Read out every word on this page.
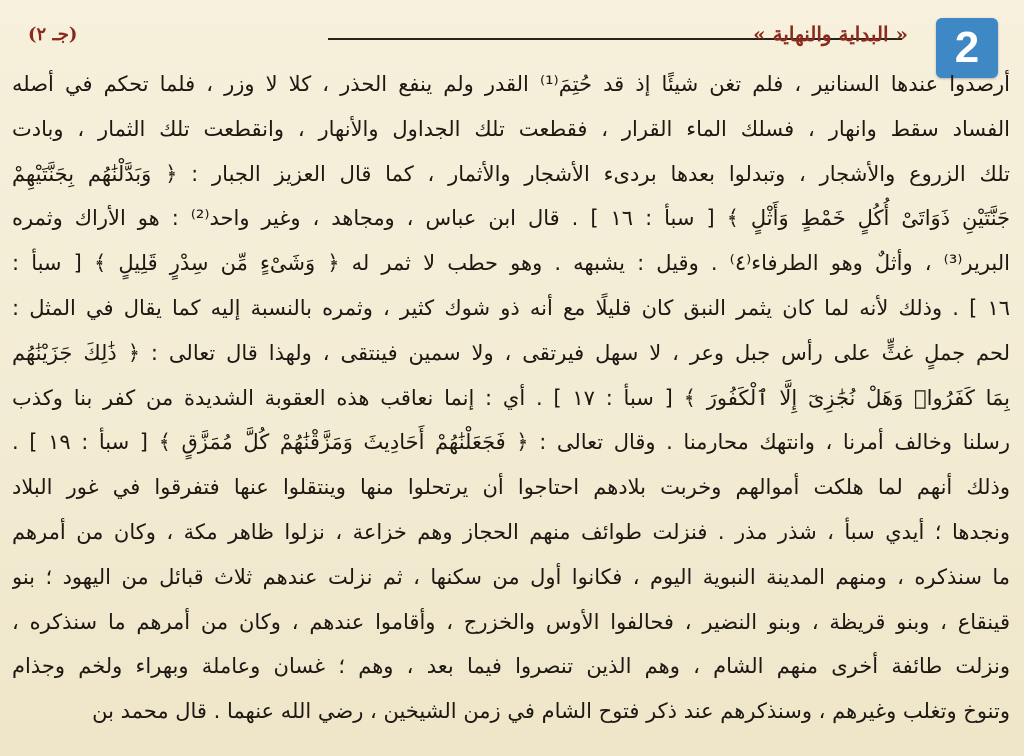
(جـ ٢)	« البداية والنهاية »	2
أرصدوا عندها السنانير ، فلم تغن شيئًا إذ قد حُتِمَ⁽¹⁾ القدر ولم ينفع الحذر ، كلا لا وزر ، فلما تحكم في أصله
الفساد سقط وانهار ، فسلك الماء القرار ، فقطعت تلك الجداول والأنهار ، وانقطعت تلك الثمار ، وبادت
تلك الزروع والأشجار ، وتبدلوا بعدها بردىء الأشجار والأثمار ، كما قال العزيز الجبار : ﴿ وَبَدَّلْنَٰهُم بِجَنَّتَيْهِمْ
جَنَّتَيْنِ ذَوَاتَىْ أُكُلٍ خَمْطٍ وَأَثْلٍ ﴾ [ سبأ : ١٦ ] . قال ابن عباس ، ومجاهد ، وغير واحد⁽²⁾ : هو الأراك وثمره
البرير⁽³⁾ ، وأثلٌ وهو الطرفاء⁽٤⁾ . وقيل : يشبهه . وهو حطب لا ثمر له ﴿ وَشَىْءٍ مِّن سِدْرٍ قَلِيلٍ ﴾ [ سبأ :
١٦ ] . وذلك لأنه لما كان يثمر النبق كان قليلًا مع أنه ذو شوك كثير ، وثمره بالنسبة إليه كما يقال في المثل :
لحم جملٍ غثٍّ على رأس جبل وعر ، لا سهل فيرتقى ، ولا سمين فينتقى ، ولهذا قال تعالى : ﴿ ذَٰلِكَ جَزَيْنَٰهُم
بِمَا كَفَرُوا۟ وَهَلْ نُجَٰزِىٓ إِلَّا ٱلْكَفُورَ ﴾ [ سبأ : ١٧ ] . أي : إنما نعاقب هذه العقوبة الشديدة من كفر بنا وكذب
رسلنا وخالف أمرنا ، وانتهك محارمنا . وقال تعالى : ﴿ فَجَعَلْنَٰهُمْ أَحَادِيثَ وَمَزَّقْنَٰهُمْ كُلَّ مُمَزَّقٍ ﴾ [ سبأ : ١٩ ] .
وذلك أنهم لما هلكت أموالهم وخربت بلادهم احتاجوا أن يرتحلوا منها وينتقلوا عنها فتفرقوا في غور البلاد
ونجدها ؛ أيدي سبأ ، شذر مذر . فنزلت طوائف منهم الحجاز وهم خزاعة ، نزلوا ظاهر مكة ، وكان من أمرهم
ما سنذكره ، ومنهم المدينة النبوية اليوم ، فكانوا أول من سكنها ، ثم نزلت عندهم ثلاث قبائل من اليهود ؛ بنو
قينقاع ، وبنو قريظة ، وبنو النضير ، فحالفوا الأوس والخزرج ، وأقاموا عندهم ، وكان من أمرهم ما سنذكره ،
ونزلت طائفة أخرى منهم الشام ، وهم الذين تنصروا فيما بعد ، وهم ؛ غسان وعاملة وبهراء ولخم وجذام
وتنوخ وتغلب وغيرهم ، وسنذكرهم عند ذكر فتوح الشام في زمن الشيخين ، رضي الله عنهما . قال محمد بن
